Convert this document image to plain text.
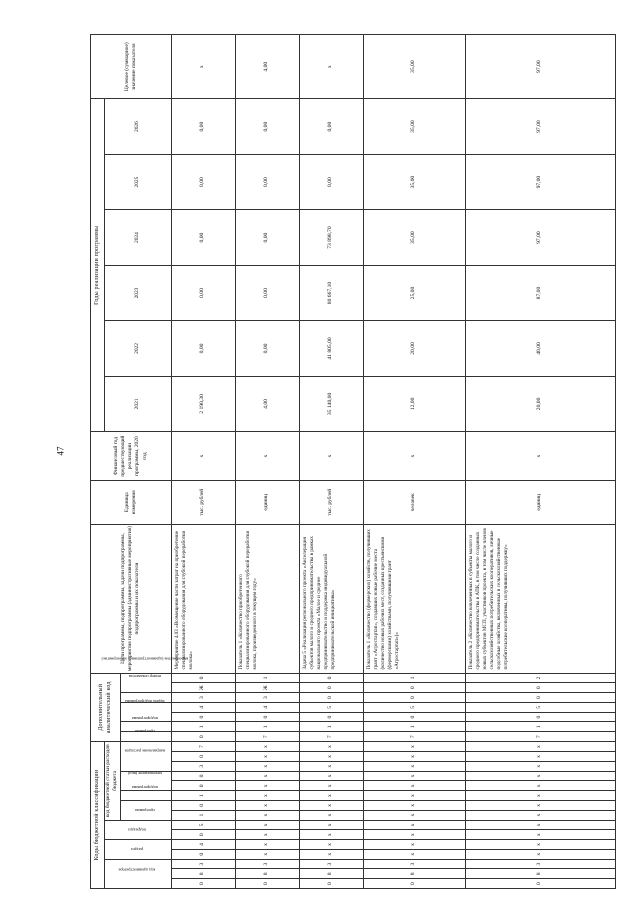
47
Коды бюджетной классификации															Дополнительный аналитический код							Цели программы, подпрограммы, задачи подпрограммы, мероприятия подпрограммы (административные мероприятия) подпрограммы и их показатели	Единица измерения	Финансовый год предшествующий реализации программы, 2020 год	Годы реализации программы						Целевое (суммарное) значение показателя
код администратора			раздел		подраздел		код бюджетной статьи расходов бюджета																		2021	2022	2023	2024	2025	2026	
							программа		подпрограмма	мероприятие (вид)		направление расходов			программа	подпрограмма	задача подпрограммы		мероприятие (административное мероприятие)	номер показателя											
0	8	3	0	4	0	5	1	0	1	0	0	3	0	7	0	1	0	4	3	Ж	0	Мероприятие 4.03 «Возмещение части затрат на приобретение специализированного оборудования для глубокой переработки молока»	тыс. рублей	x	2 190,30	0,00	0,00	0,00	0,00	0,00	x
0	8	3	x	x	x	x	x	x	x	x	x	x	x	x	7	1	0	4	3	Ж	1	Показатель 1 «Количество приобретенного специализированного оборудования для глубокой переработки молока, произведенного в текущем году»	единиц	x	4,00	0,00	0,00	0,00	0,00	0,00	4,00
0	8	3	x	x	x	x	x	x	x	x	x	x	x	x	7	1	0	5	0	0	0	Задача 5 «Реализация регионального проекта «Акселерация субъектов малого и среднего предпринимательства в рамках национального проекта «Малое и среднее предпринимательство и поддержка индивидуальной предпринимательской инициативы»	тыс. рублей	x	35 140,00	41 805,00	80 667,10	73 898,70	0,00	0,00	x
0	8	3	x	x	x	x	x	x	x	x	x	x	x	x	7	1	0	5	0	0	1	Показатель 1 «Количество (фермерских) хозяйств, получивших грант «Агростартап», создавших новые рабочие места (количество новых рабочих мест, созданных крестьянскими (фермерскими) хозяйствами, получившими грант «Агростартап»)»	человек	x	12,00	20,00	25,00	35,00	35,00	35,00	35,00
0	8	3	x	x	x	x	x	x	x	x	x	x	x	x	7	1	0	5	0	0	2	Показатель 2 «Количество вовлеченных в субъекты малого и среднего предпринимательства в АПК, в том числе созданных новых субъектов МСП, участников проекта, в том числе членов сельскохозяйственных потребительских кооперативов, личные подсобные хозяйства, включенных в сельскохозяйственные потребительские кооперативы, получивших поддержку»	единиц	x	20,00	40,00	87,00	97,00	97,00	97,00	97,00
